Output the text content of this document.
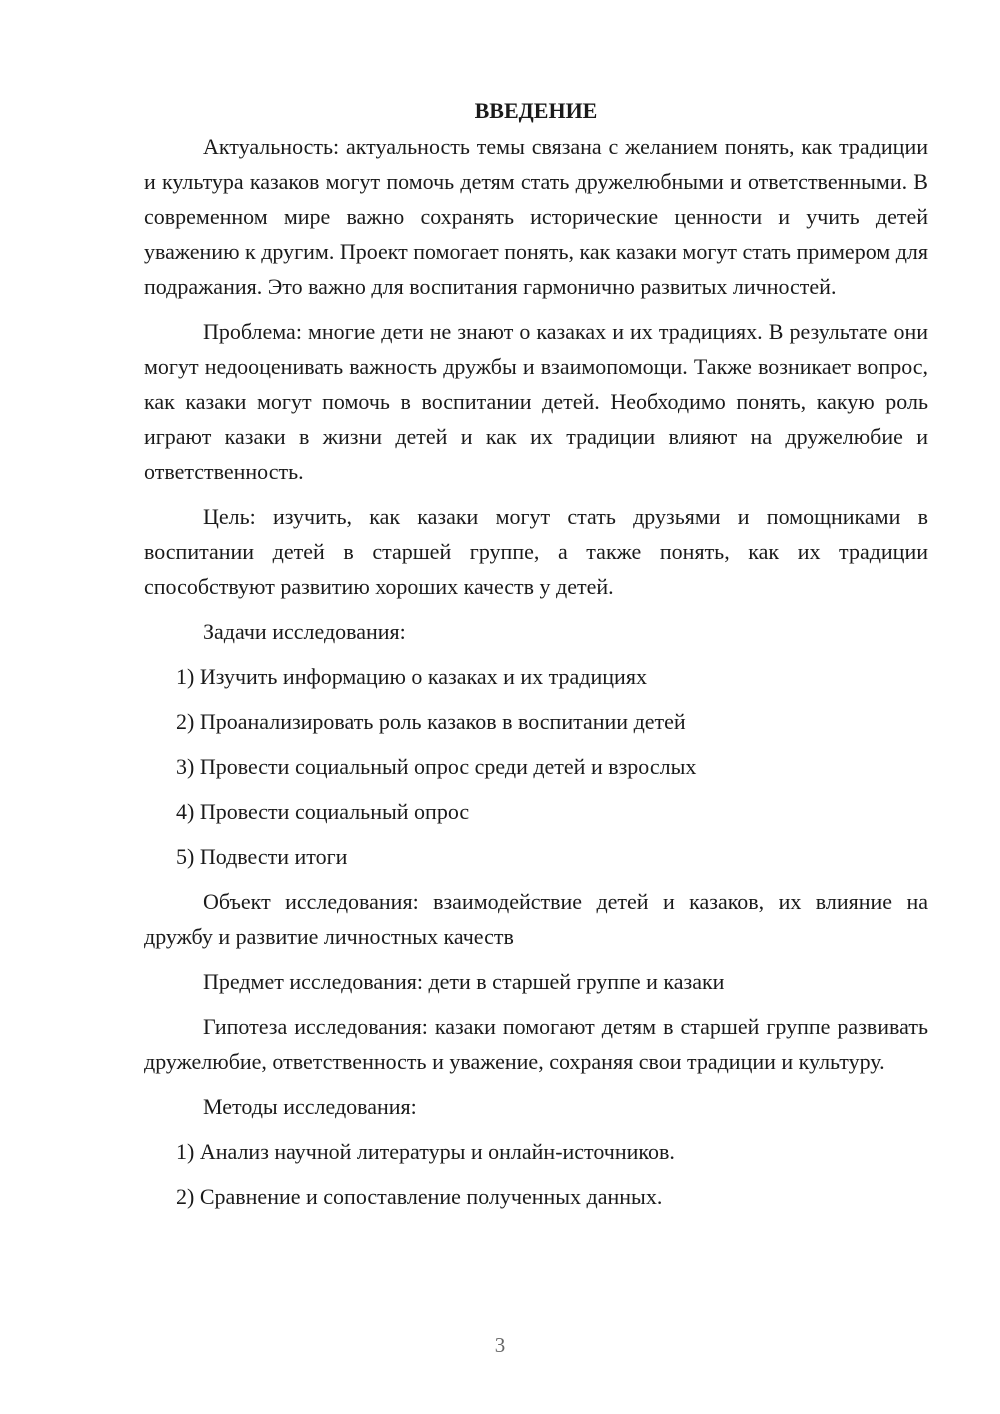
ВВЕДЕНИЕ

Актуальность: актуальность темы связана с желанием понять, как традиции и культура казаков могут помочь детям стать дружелюбными и ответственными. В современном мире важно сохранять исторические ценности и учить детей уважению к другим. Проект помогает понять, как казаки могут стать примером для подражания. Это важно для воспитания гармонично развитых личностей.

Проблема: многие дети не знают о казаках и их традициях. В результате они могут недооценивать важность дружбы и взаимопомощи. Также возникает вопрос, как казаки могут помочь в воспитании детей. Необходимо понять, какую роль играют казаки в жизни детей и как их традиции влияют на дружелюбие и ответственность.

Цель: изучить, как казаки могут стать друзьями и помощниками в воспитании детей в старшей группе, а также понять, как их традиции способствуют развитию хороших качеств у детей.

Задачи исследования:

1) Изучить информацию о казаках и их традициях
2) Проанализировать роль казаков в воспитании детей
3) Провести социальный опрос среди детей и взрослых
4) Провести социальный опрос
5) Подвести итоги

Объект исследования: взаимодействие детей и казаков, их влияние на дружбу и развитие личностных качеств

Предмет исследования: дети в старшей группе и казаки

Гипотеза исследования: казаки помогают детям в старшей группе развивать дружелюбие, ответственность и уважение, сохраняя свои традиции и культуру.

Методы исследования:

1) Анализ научной литературы и онлайн-источников.
2) Сравнение и сопоставление полученных данных.
3
